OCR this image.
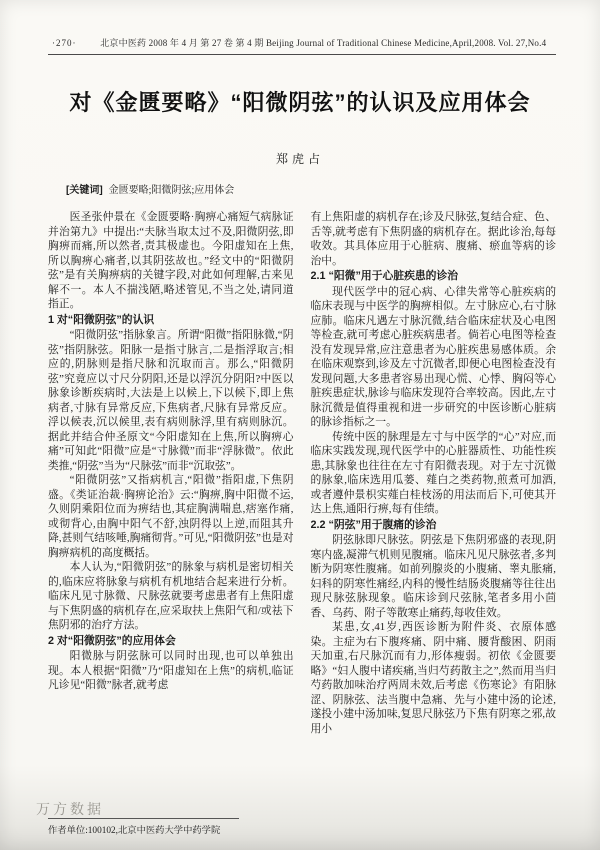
·270·	北京中医药 2008 年 4 月 第 27 卷 第 4 期 Beijing Journal of Traditional Chinese Medicine,April,2008. Vol. 27,No.4
对《金匮要略》“阳微阴弦”的认识及应用体会
郑虎占
[关键词] 金匮要略;阳微阴弦;应用体会

医圣张仲景在《金匮要略·胸痹心痛短气病脉证并治第九》中提出:“夫脉当取太过不及,阳微阴弦,即胸痹而痛,所以然者,责其极虚也。今阳虚知在上焦,所以胸痹心痛者,以其阴弦故也。”经文中的“阳微阴弦”是有关胸痹病的关键字段,对此如何理解,古来见解不一。本人不揣浅陋,略述管见,不当之处,请同道指正。

1 对“阳微阴弦”的认识

“阳微阴弦”指脉象言。所谓“阳微”指阳脉微,“阴弦”指阴脉弦。阳脉一是指寸脉言,二是指浮取言;相应的,阴脉则是指尺脉和沉取而言。那么,“阳微阴弦”究竟应以寸尺分阴阳,还是以浮沉分阴阳?中医以脉象诊断疾病时,大法是上以候上,下以候下,即上焦病者,寸脉有异常反应,下焦病者,尺脉有异常反应。浮以候表,沉以候里,表有病则脉浮,里有病则脉沉。据此并结合仲圣原文“今阳虚知在上焦,所以胸痹心痛”可知此“阳微”应是“寸脉微”而非“浮脉微”。依此类推,“阴弦”当为“尺脉弦”而非“沉取弦”。

“阳微阴弦”又指病机言,“阳微”指阳虚,下焦阴盛。《类证治裁·胸痹论治》云:“胸痹,胸中阳微不运,久则阴乘阳位而为痹结也,其症胸满喘息,痞塞作痛,或彻背心,由胸中阳气不舒,浊阴得以上逆,而阻其升降,甚则气结咳唾,胸痛彻背。”可见,“阳微阴弦”也是对胸痹病机的高度概括。

本人认为,“阳微阴弦”的脉象与病机是密切相关的,临床应将脉象与病机有机地结合起来进行分析。临床凡见寸脉微、尺脉弦就要考虑患者有上焦阳虚与下焦阴盛的病机存在,应采取扶上焦阳气和/或祛下焦阴邪的治疗方法。

2 对“阳微阴弦”的应用体会

阳微脉与阴弦脉可以同时出现,也可以单独出现。本人根据“阳微”乃“阳虚知在上焦”的病机,临证凡诊见“阳微”脉者,就考虑

作者单位:100102,北京中医药大学中药学院

有上焦阳虚的病机存在;诊及尺脉弦,复结合症、色、舌等,就考虑有下焦阴盛的病机存在。据此诊治,每每收效。其具体应用于心脏病、腹痛、瘀血等病的诊治中。

2.1 “阳微”用于心脏疾患的诊治

现代医学中的冠心病、心律失常等心脏疾病的临床表现与中医学的胸痹相似。左寸脉应心,右寸脉应肺。临床凡遇左寸脉沉微,结合临床症状及心电图等检查,就可考虑心脏疾病患者。倘若心电图等检查没有发现异常,应注意患者为心脏疾患易感体质。余在临床观察到,诊及左寸沉微者,即便心电图检查没有发现问题,大多患者容易出现心慌、心悸、胸闷等心脏疾患症状,脉诊与临床发现符合率较高。因此,左寸脉沉微是值得重视和进一步研究的中医诊断心脏病的脉诊指标之一。

传统中医的脉理是左寸与中医学的“心”对应,而临床实践发现,现代医学中的心脏器质性、功能性疾患,其脉象也往往在左寸有阳微表现。对于左寸沉微的脉象,临床选用瓜蒌、薤白之类药物,煎煮可加酒,或者遵仲景枳实薤白桂枝汤的用法而后下,可使其开达上焦,通阳行痹,每有佳绩。

2.2 “阴弦”用于腹痛的诊治

阴弦脉即尺脉弦。阴弦是下焦阴邪盛的表现,阴寒内盛,凝滞气机则见腹痛。临床凡见尺脉弦者,多判断为阴寒性腹痛。如前列腺炎的小腹痛、睾丸胀痛,妇科的阴寒性痛经,内科的慢性结肠炎腹痛等往往出现尺脉弦脉现象。临床诊到尺弦脉,笔者多用小茴香、乌药、附子等散寒止痛药,每收佳效。

某患,女,41岁,西医诊断为附件炎、衣原体感染。主症为右下腹疼痛、阴中痛、腰背酸困、阴雨天加重,右尺脉沉而有力,形体瘦弱。初依《金匮要略》“妇人腹中诸疾痛,当归芍药散主之”,然而用当归芍药散加味治疗两周未效,后考虑《伤寒论》有阳脉涩、阴脉弦、法当腹中急痛、先与小建中汤的论述,遂投小建中汤加味,复思尺脉弦乃下焦有阴寒之邪,故用小

万方数据
